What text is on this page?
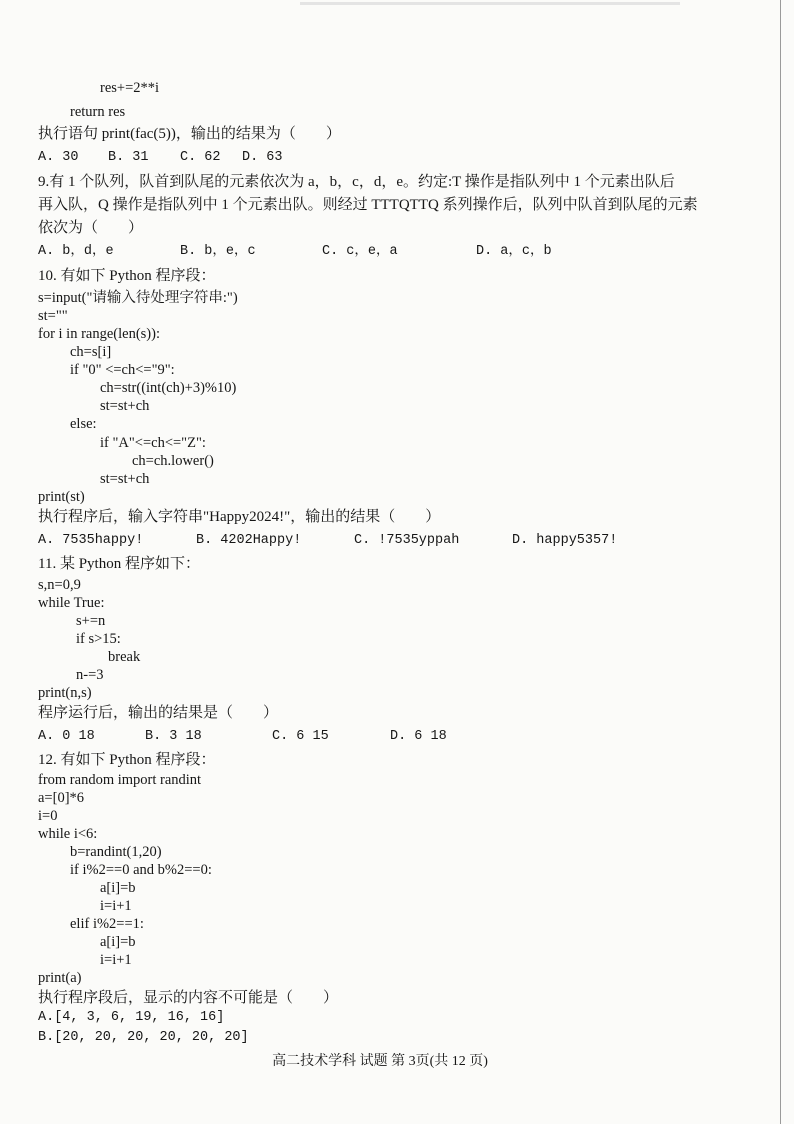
res+=2**i
return res
执行语句 print(fac(5))，输出的结果为（　　）
A. 30 B. 31 C. 62 D. 63
9.有 1 个队列，队首到队尾的元素依次为 a，b，c，d，e。约定:T 操作是指队列中 1 个元素出队后
再入队，Q 操作是指队列中 1 个元素出队。则经过 TTTQTTQ 系列操作后，队列中队首到队尾的元素
依次为（　　）
A. b，d，e	B. b，e，c	C. c，e，a	D. a，c，b
10. 有如下 Python 程序段：
s=input("请输入待处理字符串:")
st=""
for i in range(len(s)):
ch=s[i]
if "0" <=ch<="9":
ch=str((int(ch)+3)%10)
st=st+ch
else:
if "A"<=ch<="Z":
ch=ch.lower()
st=st+ch
print(st)
执行程序后，输入字符串"Happy2024!"，输出的结果（　　）
A. 7535happy!	B. 4202Happy!	C. !7535yppah	D. happy5357!
11. 某 Python 程序如下：
s,n=0,9
while True:
s+=n
if s>15:
break
n-=3
print(n,s)
程序运行后，输出的结果是（　　）
A. 0 18	B. 3 18	C. 6 15	D. 6 18
12. 有如下 Python 程序段：
from random import randint
a=[0]*6
i=0
while i<6:
b=randint(1,20)
if i%2==0 and b%2==0:
a[i]=b
i=i+1
elif i%2==1:
a[i]=b
i=i+1
print(a)
执行程序段后，显示的内容不可能是（　　）
A.[4, 3, 6, 19, 16, 16]
B.[20, 20, 20, 20, 20, 20]
高二技术学科 试题 第 3页(共 12 页)
